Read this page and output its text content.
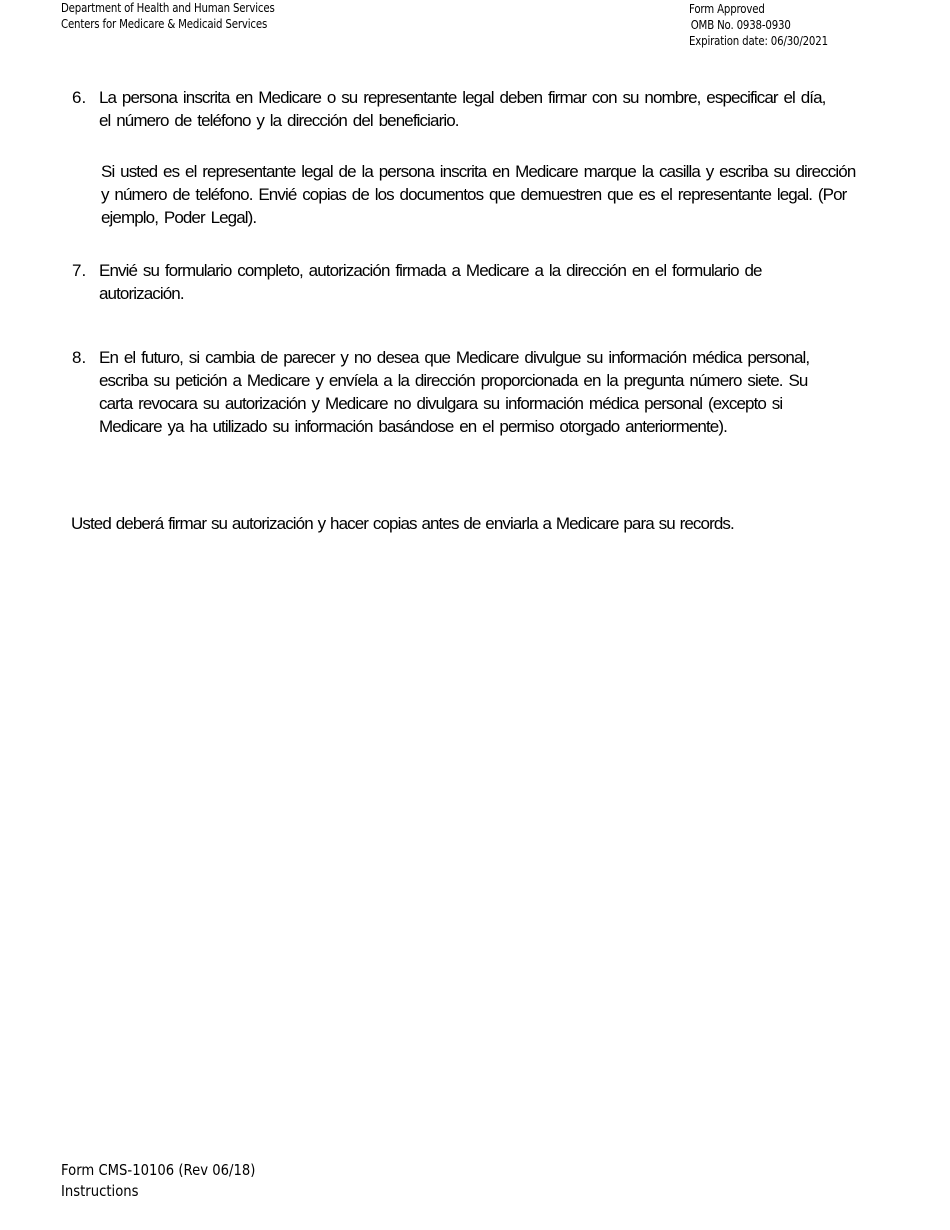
Department of Health and Human Services
Centers for Medicare & Medicaid Services
Form Approved
OMB No. 0938-0930
Expiration date: 06/30/2021
6. La persona inscrita en Medicare o su representante legal deben firmar con su nombre, especificar el día, el número de teléfono y la dirección del beneficiario.
Si usted es el representante legal de la persona inscrita en Medicare marque la casilla y escriba su dirección y número de teléfono. Envié copias de los documentos que demuestren que es el representante legal. (Por ejemplo, Poder Legal).
7. Envié su formulario completo, autorización firmada a Medicare a la dirección en el formulario de autorización.
8. En el futuro, si cambia de parecer y no desea que Medicare divulgue su información médica personal, escriba su petición a Medicare y envíela a la dirección proporcionada en la pregunta número siete. Su carta revocara su autorización y Medicare no divulgara su información médica personal (excepto si Medicare ya ha utilizado su información basándose en el permiso otorgado anteriormente).
Usted deberá firmar su autorización y hacer copias antes de enviarla a Medicare para su records.
Form CMS-10106 (Rev 06/18)
Instructions
